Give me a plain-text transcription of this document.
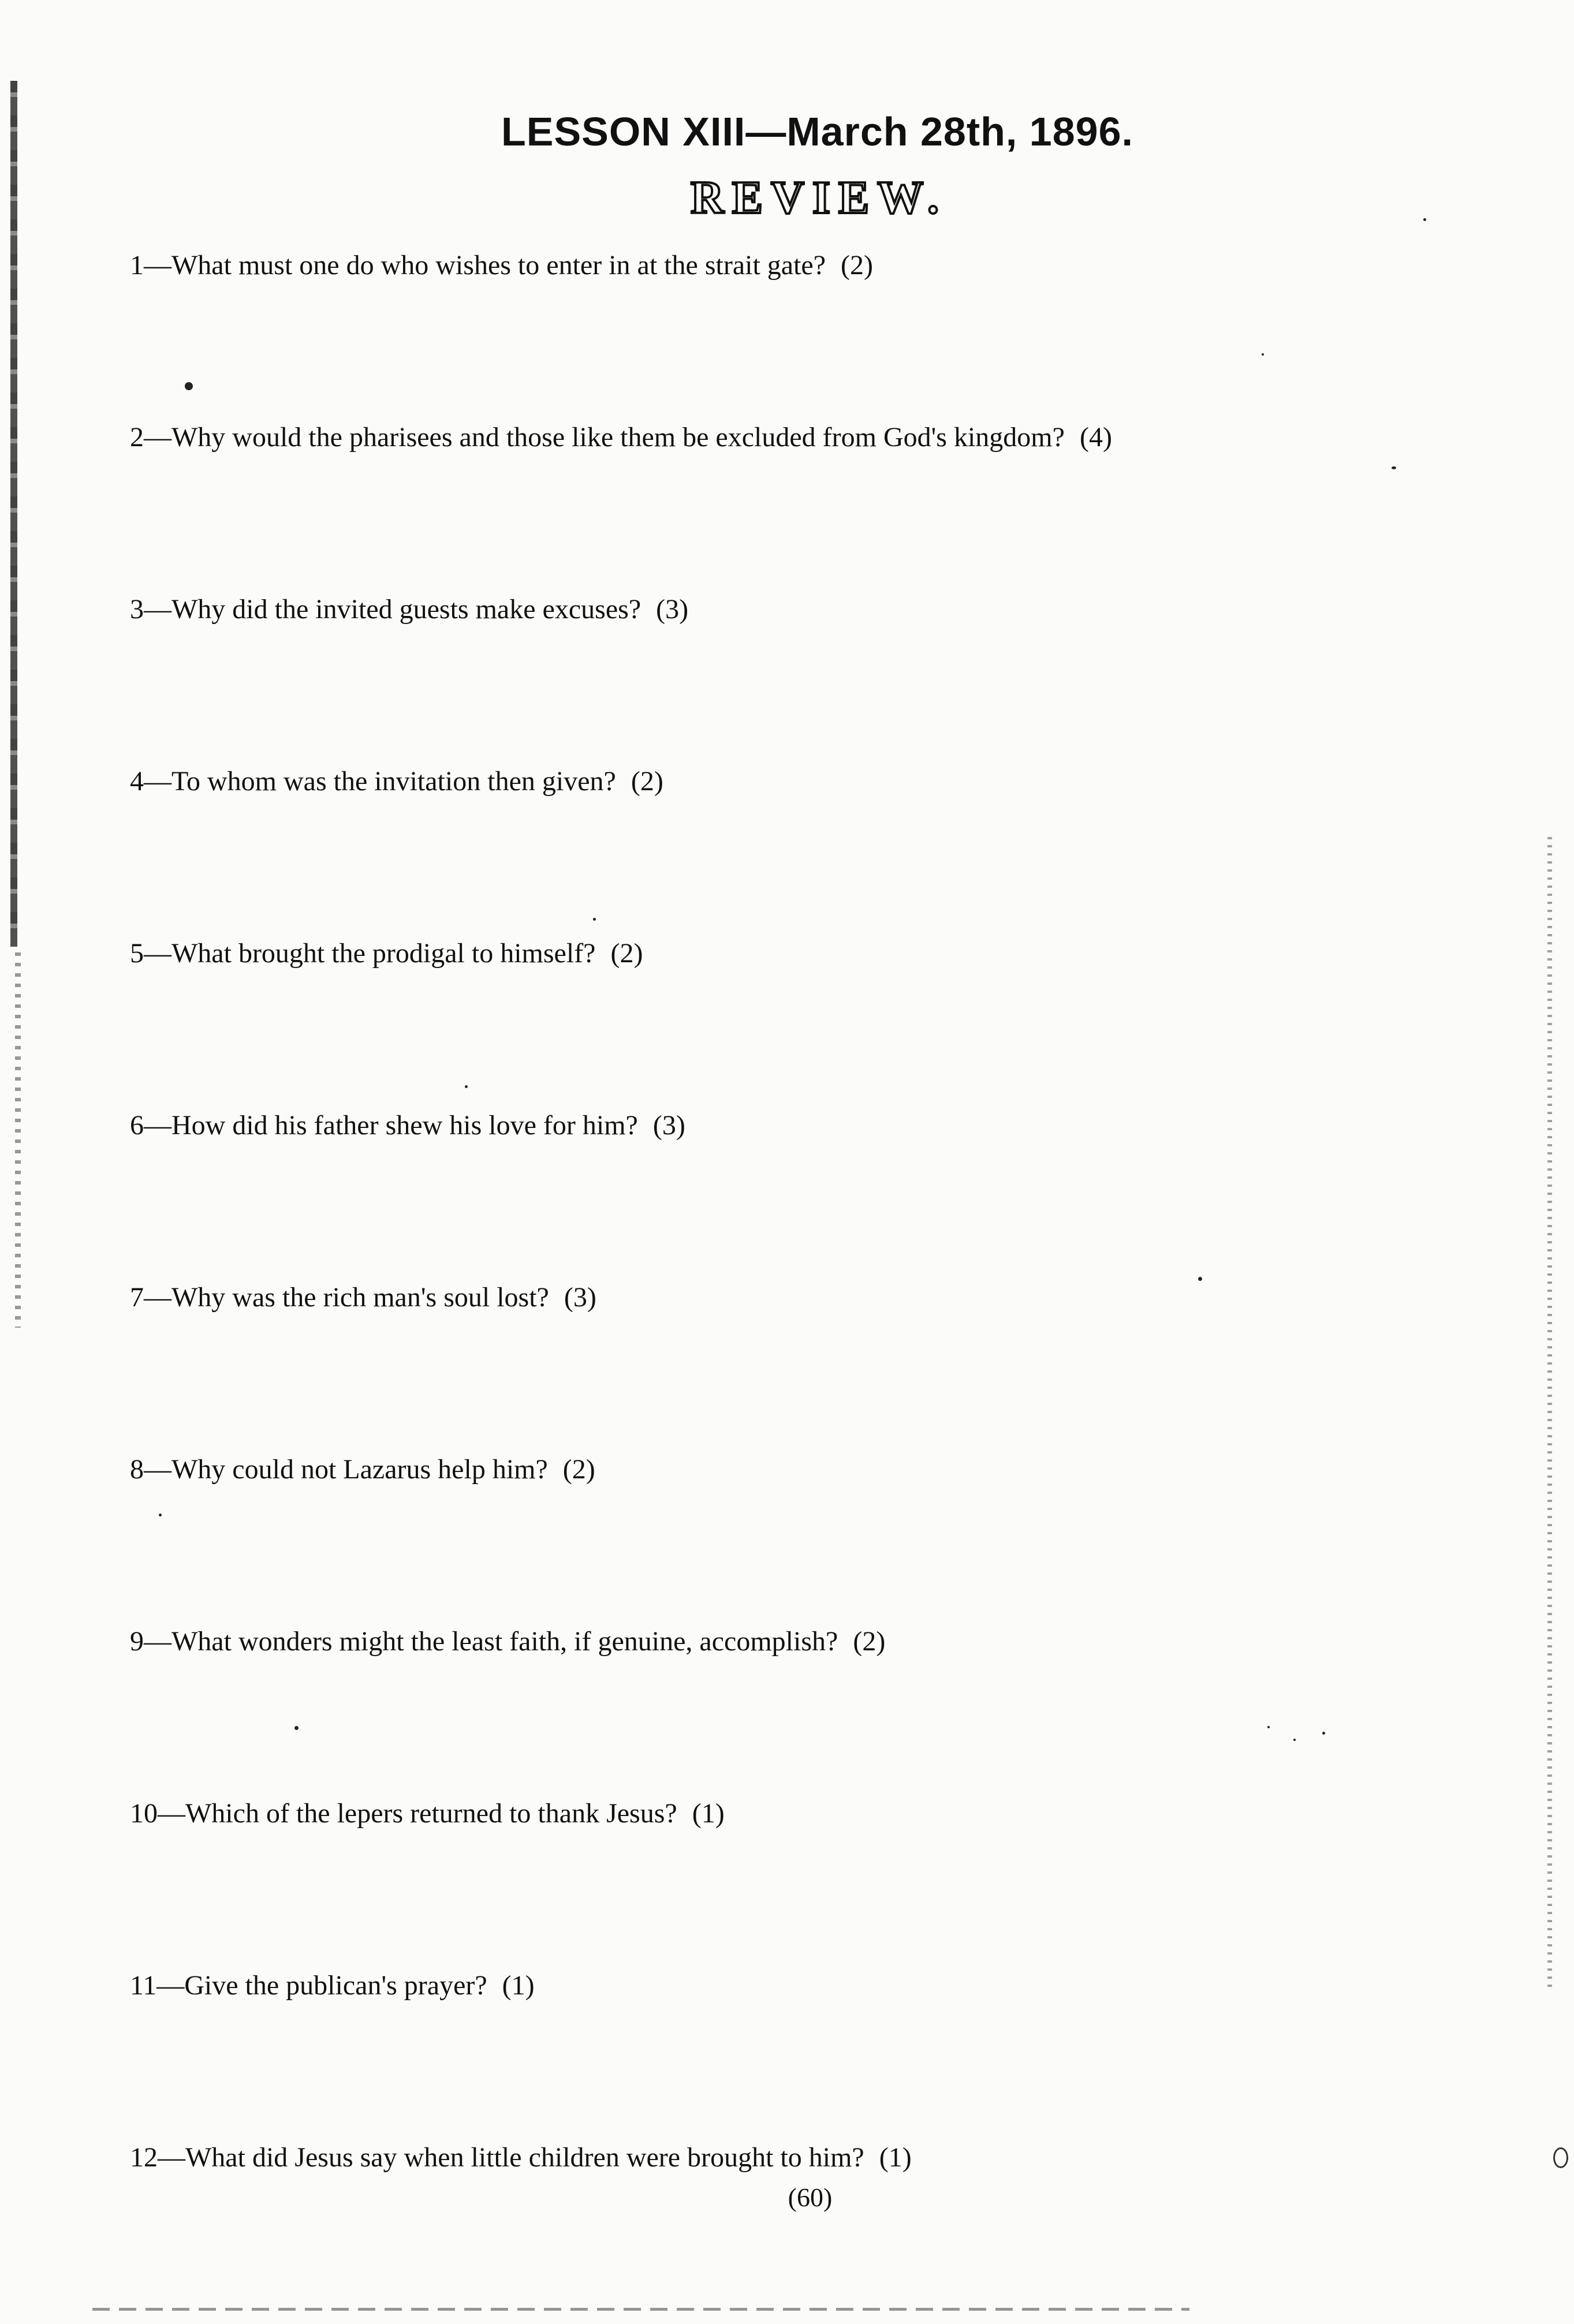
LESSON XIII—March 28th, 1896.
REVIEW.
1—What must one do who wishes to enter in at the strait gate? (2)
2—Why would the pharisees and those like them be excluded from God's kingdom? (4)
3—Why did the invited guests make excuses? (3)
4—To whom was the invitation then given? (2)
5—What brought the prodigal to himself? (2)
6—How did his father shew his love for him? (3)
7—Why was the rich man's soul lost? (3)
8—Why could not Lazarus help him? (2)
9—What wonders might the least faith, if genuine, accomplish? (2)
10—Which of the lepers returned to thank Jesus? (1)
11—Give the publican's prayer? (1)
12—What did Jesus say when little children were brought to him? (1)
(60)
